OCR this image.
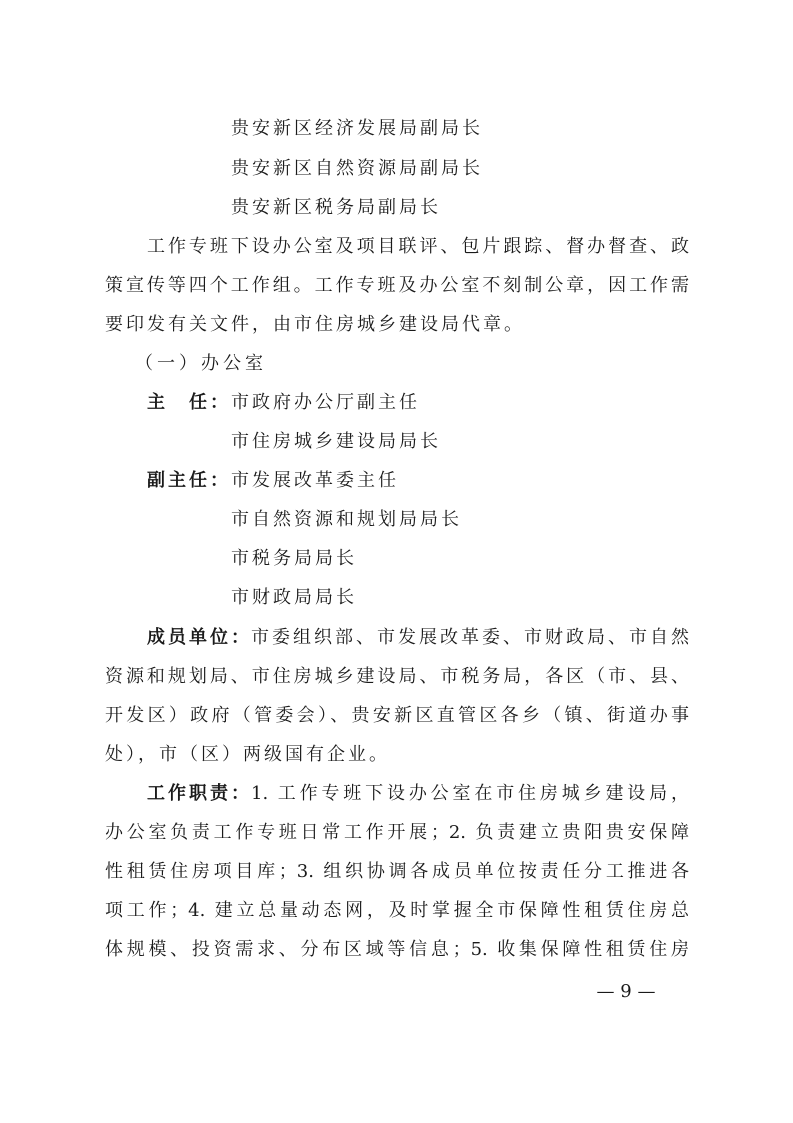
贵安新区经济发展局副局长
贵安新区自然资源局副局长
贵安新区税务局副局长
工作专班下设办公室及项目联评、包片跟踪、督办督查、政
策宣传等四个工作组。工作专班及办公室不刻制公章，因工作需
要印发有关文件，由市住房城乡建设局代章。
（一）办公室
主　任： 市政府办公厅副主任
市住房城乡建设局局长
副主任： 市发展改革委主任
市自然资源和规划局局长
市税务局局长
市财政局局长
成员单位： 市委组织部、市发展改革委、市财政局、市自然
资源和规划局、市住房城乡建设局、市税务局，各区（市、县、
开发区）政府（管委会）、贵安新区直管区各乡（镇、街道办事
处），市（区）两级国有企业。
工作职责： 1. 工作专班下设办公室在市住房城乡建设局，
办公室负责工作专班日常工作开展；2. 负责建立贵阳贵安保障
性租赁住房项目库；3. 组织协调各成员单位按责任分工推进各
项工作；4. 建立总量动态网，及时掌握全市保障性租赁住房总
体规模、投资需求、分布区域等信息；5. 收集保障性租赁住房
— 9 —
